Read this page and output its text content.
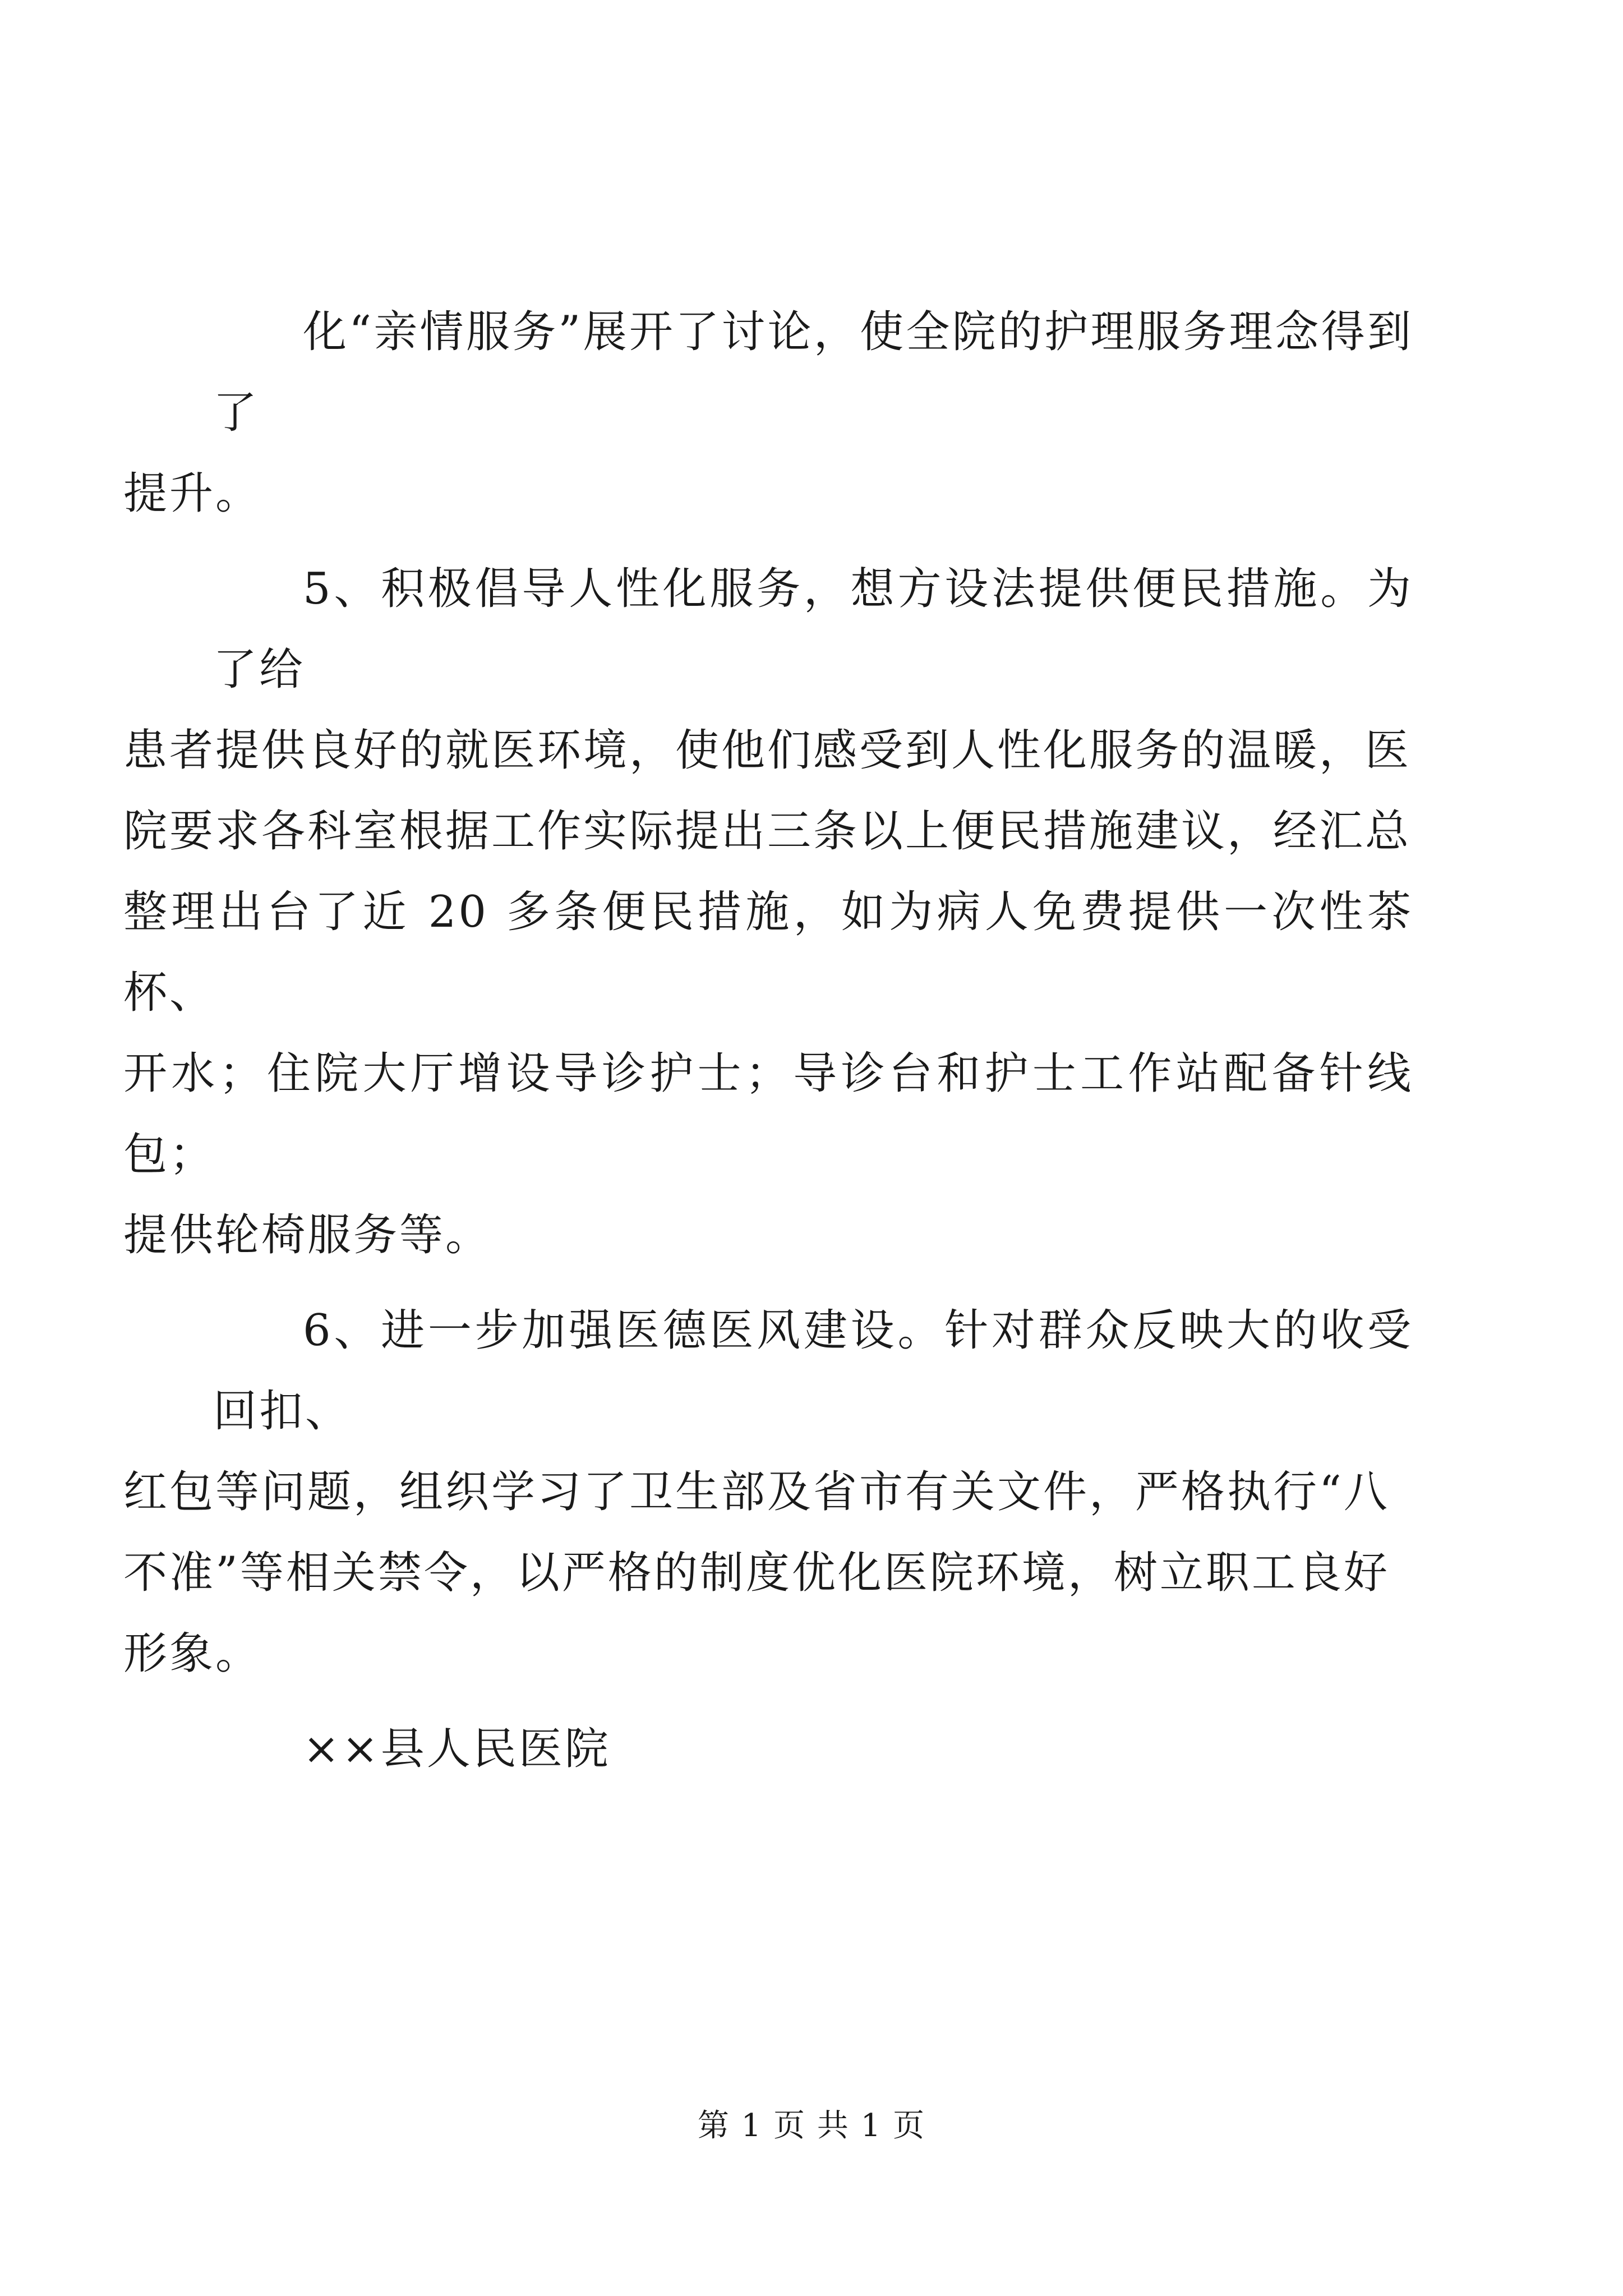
化“亲情服务”展开了讨论，使全院的护理服务理念得到了
提升。

5、积极倡导人性化服务，想方设法提供便民措施。为了给
患者提供良好的就医环境，使他们感受到人性化服务的温暖，医
院要求各科室根据工作实际提出三条以上便民措施建议，经汇总
整理出台了近 20 多条便民措施，如为病人免费提供一次性茶杯、
开水；住院大厅增设导诊护士；导诊台和护士工作站配备针线包；
提供轮椅服务等。

6、进一步加强医德医风建设。针对群众反映大的收受回扣、
红包等问题，组织学习了卫生部及省市有关文件，严格执行“八
不准”等相关禁令，以严格的制度优化医院环境，树立职工良好
形象。

××县人民医院

第 1 页 共 1 页
